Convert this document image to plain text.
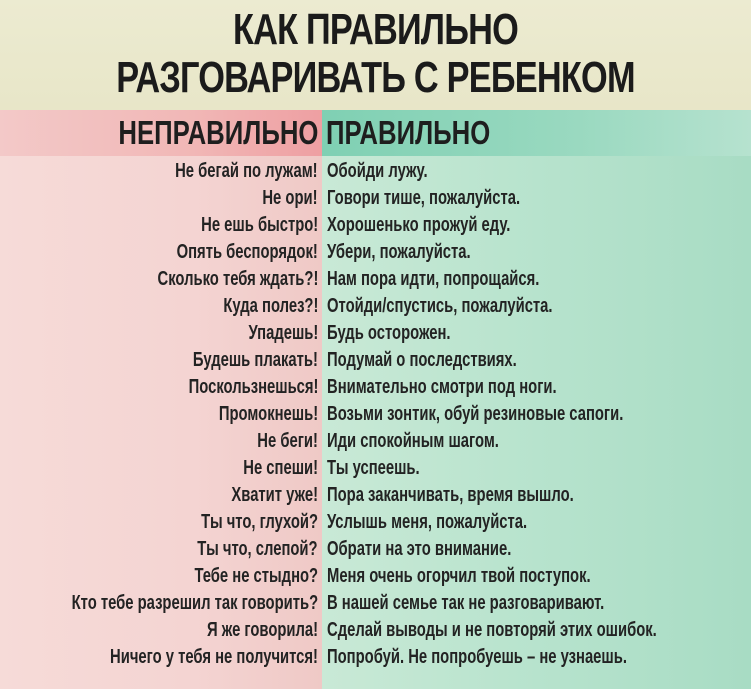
КАК ПРАВИЛЬНО
РАЗГОВАРИВАТЬ С РЕБЕНКОМ
НЕПРАВИЛЬНО ПРАВИЛЬНО
Не бегай по лужам! Обойди лужу.
Не ори! Говори тише, пожалуйста.
Не ешь быстро! Хорошенько прожуй еду.
Опять беспорядок! Убери, пожалуйста.
Сколько тебя ждать?! Нам пора идти, попрощайся.
Куда полез?! Отойди/спустись, пожалуйста.
Упадешь! Будь осторожен.
Будешь плакать! Подумай о последствиях.
Поскользнешься! Внимательно смотри под ноги.
Промокнешь! Возьми зонтик, обуй резиновые сапоги.
Не беги! Иди спокойным шагом.
Не спеши! Ты успеешь.
Хватит уже! Пора заканчивать, время вышло.
Ты что, глухой? Услышь меня, пожалуйста.
Ты что, слепой? Обрати на это внимание.
Тебе не стыдно? Меня очень огорчил твой поступок.
Кто тебе разрешил так говорить? В нашей семье так не разговаривают.
Я же говорила! Сделай выводы и не повторяй этих ошибок.
Ничего у тебя не получится! Попробуй. Не попробуешь – не узнаешь.
